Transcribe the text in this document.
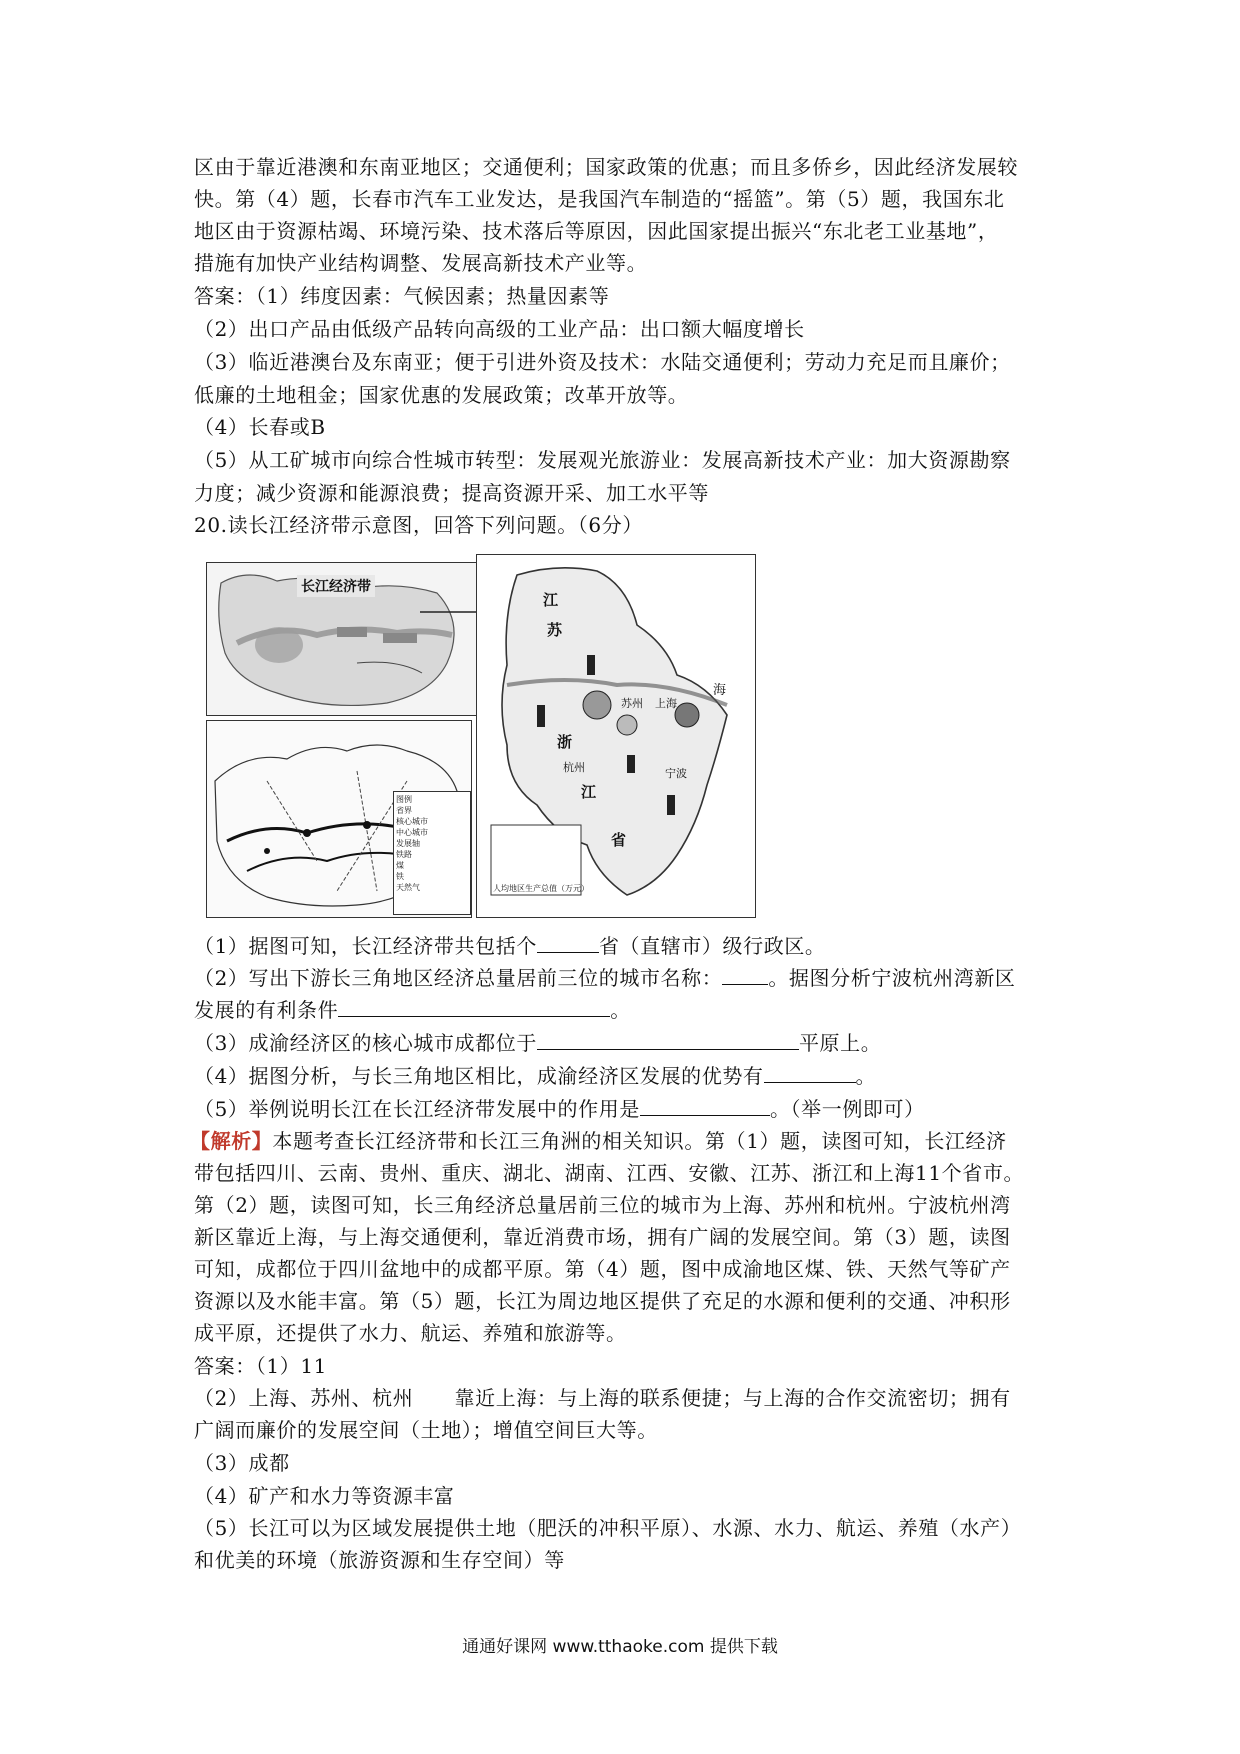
区由于靠近港澳和东南亚地区；交通便利；国家政策的优惠；而且多侨乡，因此经济发展较
快。第（4）题，长春市汽车工业发达，是我国汽车制造的“摇篮”。第（5）题，我国东北
地区由于资源枯竭、环境污染、技术落后等原因，因此国家提出振兴“东北老工业基地”，
措施有加快产业结构调整、发展高新技术产业等。
答案：（1）纬度因素：气候因素；热量因素等
（2）出口产品由低级产品转向高级的工业产品：出口额大幅度增长
（3）临近港澳台及东南亚；便于引进外资及技术：水陆交通便利；劳动力充足而且廉价；
低廉的土地租金；国家优惠的发展政策；改革开放等。
（4）长春或B
（5）从工矿城市向综合性城市转型：发展观光旅游业：发展高新技术产业：加大资源勘察
力度；减少资源和能源浪费；提高资源开采、加工水平等
20.读长江经济带示意图，回答下列问题。（6分）
长江经济带
图例
省界
核心城市
中心城市
发展轴
铁路
煤
铁
天然气
江
苏
上海
浙
江
省
海
杭州
苏州
宁波
人均地区生产总值（万元）
（1）据图可知，长江经济带共包括个	省（直辖市）级行政区。
（2）写出下游长三角地区经济总量居前三位的城市名称： 。据图分析宁波杭州湾新区
发展的有利条件	。
（3）成渝经济区的核心城市成都位于	平原上。
（4）据图分析，与长三角地区相比，成渝经济区发展的优势有	。
（5）举例说明长江在长江经济带发展中的作用是	。（举一例即可）
【解析】本题考查长江经济带和长江三角洲的相关知识。第（1）题，读图可知，长江经济
带包括四川、云南、贵州、重庆、湖北、湖南、江西、安徽、江苏、浙江和上海11个省市。
第（2）题，读图可知，长三角经济总量居前三位的城市为上海、苏州和杭州。宁波杭州湾
新区靠近上海，与上海交通便利，靠近消费市场，拥有广阔的发展空间。第（3）题，读图
可知，成都位于四川盆地中的成都平原。第（4）题，图中成渝地区煤、铁、天然气等矿产
资源以及水能丰富。第（5）题，长江为周边地区提供了充足的水源和便利的交通、冲积形
成平原，还提供了水力、航运、养殖和旅游等。
答案：（1）11
（2）上海、苏州、杭州　　靠近上海：与上海的联系便捷；与上海的合作交流密切；拥有
广阔而廉价的发展空间（土地）；增值空间巨大等。
（3）成都
（4）矿产和水力等资源丰富
（5）长江可以为区域发展提供土地（肥沃的冲积平原）、水源、水力、航运、养殖（水产）
和优美的环境（旅游资源和生存空间）等
通通好课网 www.tthaoke.com 提供下载
